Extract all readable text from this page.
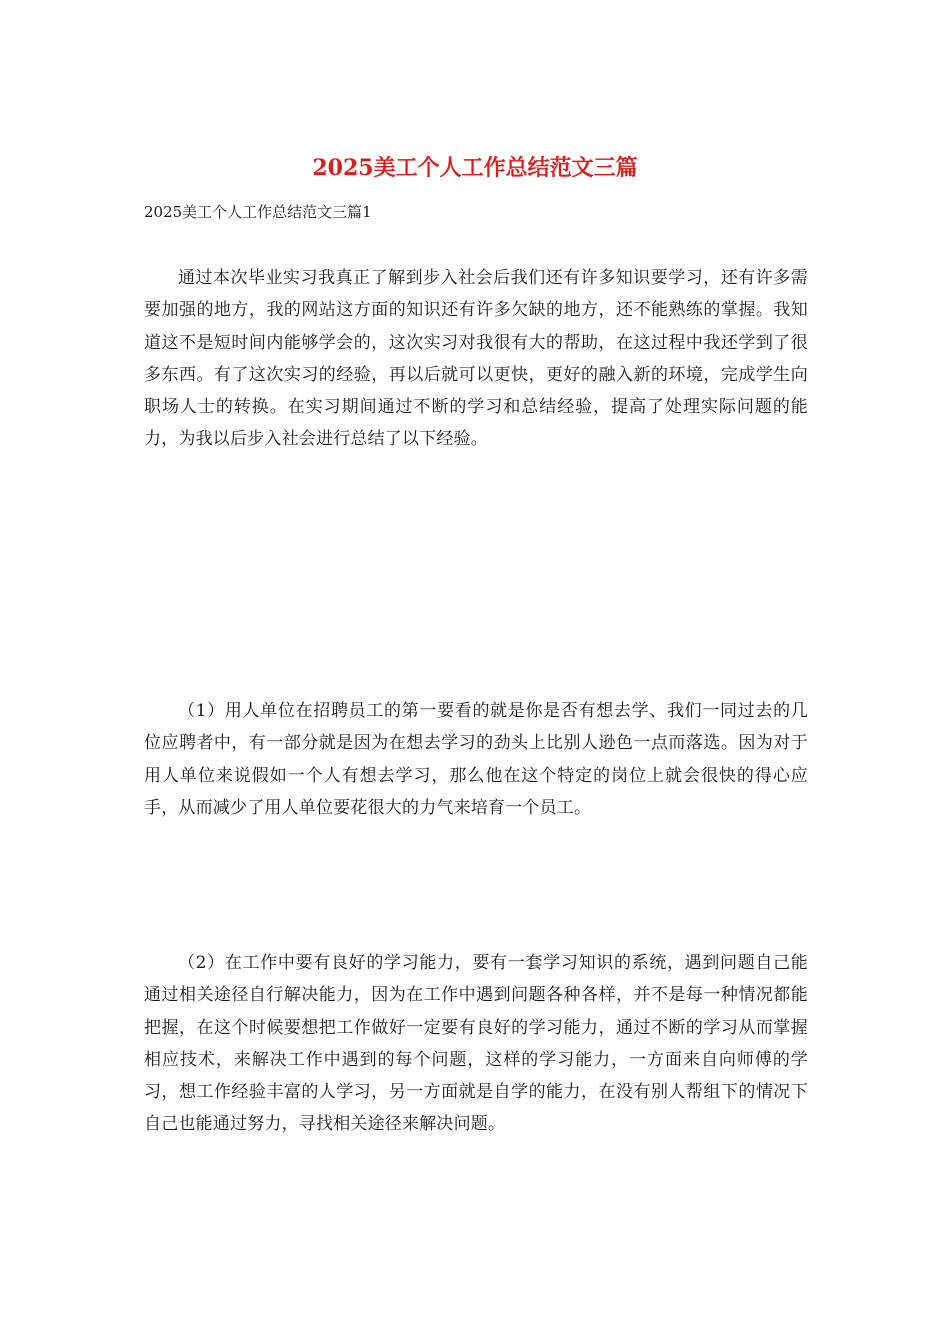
2025美工个人工作总结范文三篇

2025美工个人工作总结范文三篇1

通过本次毕业实习我真正了解到步入社会后我们还有许多知识要学习，还有许多需要加强的地方，我的网站这方面的知识还有许多欠缺的地方，还不能熟练的掌握。我知道这不是短时间内能够学会的，这次实习对我很有大的帮助，在这过程中我还学到了很多东西。有了这次实习的经验，再以后就可以更快，更好的融入新的环境，完成学生向职场人士的转换。在实习期间通过不断的学习和总结经验，提高了处理实际问题的能力，为我以后步入社会进行总结了以下经验。

（1）用人单位在招聘员工的第一要看的就是你是否有想去学、我们一同过去的几位应聘者中，有一部分就是因为在想去学习的劲头上比别人逊色一点而落选。因为对于用人单位来说假如一个人有想去学习，那么他在这个特定的岗位上就会很快的得心应手，从而减少了用人单位要花很大的力气来培育一个员工。

（2）在工作中要有良好的学习能力，要有一套学习知识的系统，遇到问题自己能通过相关途径自行解决能力，因为在工作中遇到问题各种各样，并不是每一种情况都能把握，在这个时候要想把工作做好一定要有良好的学习能力，通过不断的学习从而掌握相应技术，来解决工作中遇到的每个问题，这样的学习能力，一方面来自向师傅的学习，想工作经验丰富的人学习，另一方面就是自学的能力，在没有别人帮组下的情况下自己也能通过努力，寻找相关途径来解决问题。
